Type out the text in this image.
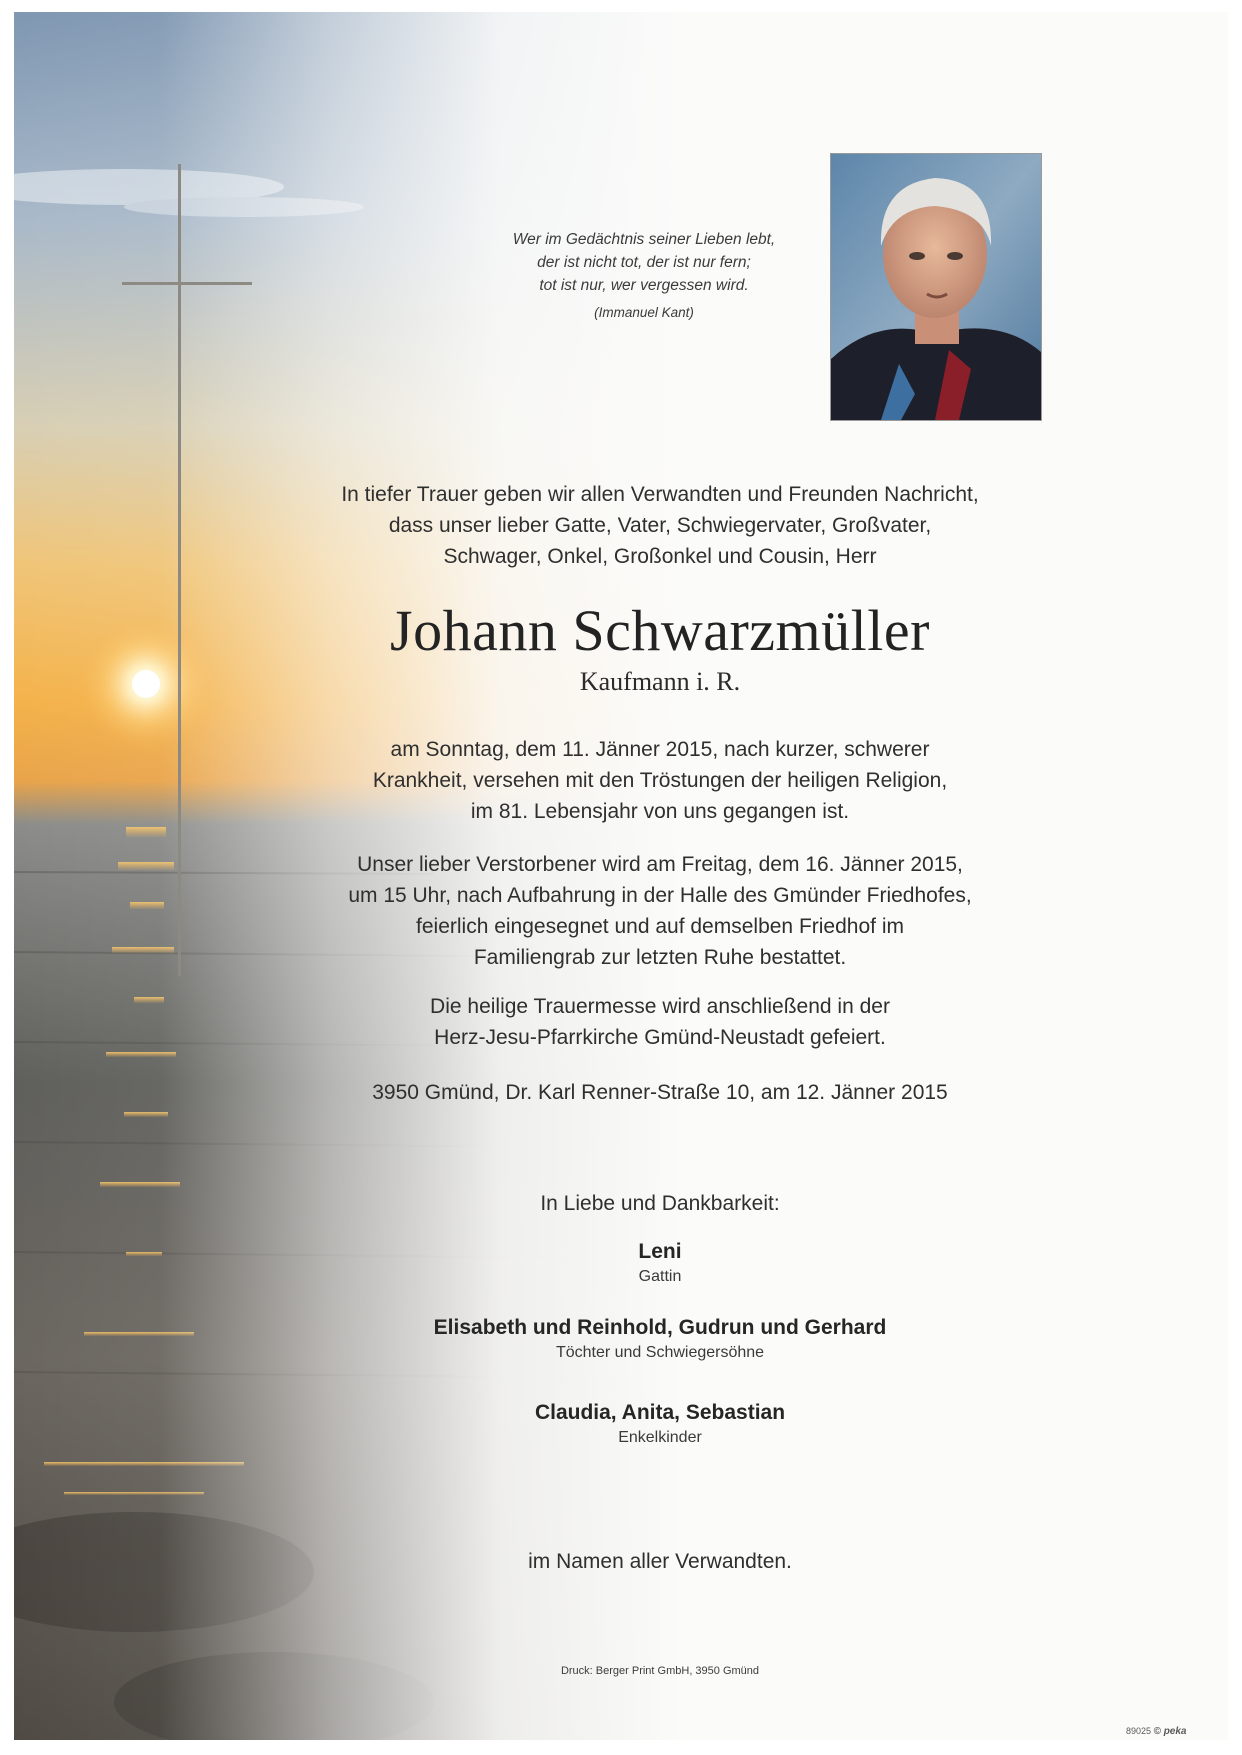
Wer im Gedächtnis seiner Lieben lebt,
der ist nicht tot, der ist nur fern;
tot ist nur, wer vergessen wird.
(Immanuel Kant)
In tiefer Trauer geben wir allen Verwandten und Freunden Nachricht,
dass unser lieber Gatte, Vater, Schwiegervater, Großvater,
Schwager, Onkel, Großonkel und Cousin, Herr
Johann Schwarzmüller
Kaufmann i. R.
am Sonntag, dem 11. Jänner 2015, nach kurzer, schwerer
Krankheit, versehen mit den Tröstungen der heiligen Religion,
im 81. Lebensjahr von uns gegangen ist.
Unser lieber Verstorbener wird am Freitag, dem 16. Jänner 2015,
um 15 Uhr, nach Aufbahrung in der Halle des Gmünder Friedhofes,
feierlich eingesegnet und auf demselben Friedhof im
Familiengrab zur letzten Ruhe bestattet.
Die heilige Trauermesse wird anschließend in der
Herz-Jesu-Pfarrkirche Gmünd-Neustadt gefeiert.
3950 Gmünd, Dr. Karl Renner-Straße 10, am 12. Jänner 2015
In Liebe und Dankbarkeit:
Leni
Gattin
Elisabeth und Reinhold, Gudrun und Gerhard
Töchter und Schwiegersöhne
Claudia, Anita, Sebastian
Enkelkinder
im Namen aller Verwandten.
Druck: Berger Print GmbH, 3950 Gmünd
89025 © peka
